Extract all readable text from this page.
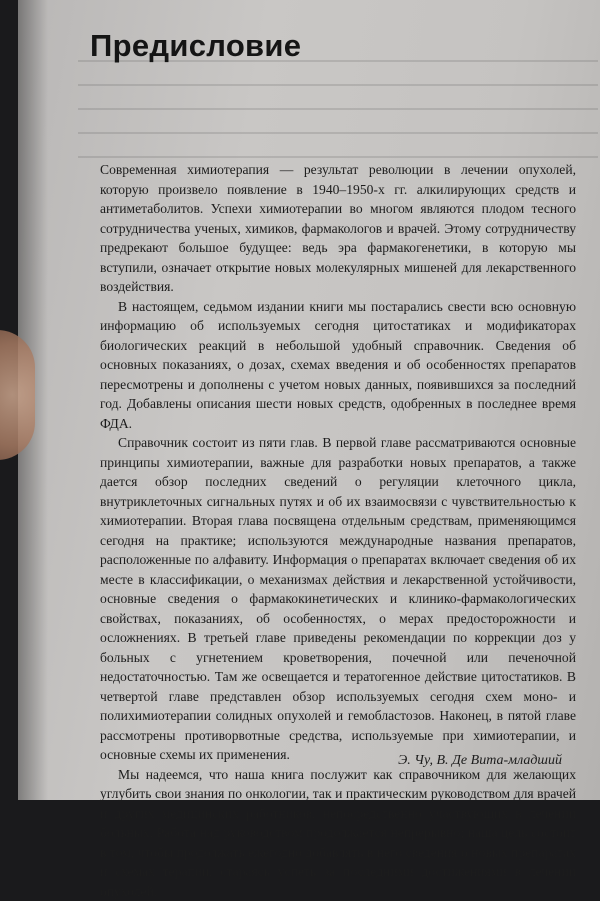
Предисловие

Современная химиотерапия — результат революции в лечении опухолей, которую произвело появление в 1940–1950-х гг. алкилирующих средств и антиметаболитов. Успехи химиотерапии во многом являются плодом тесного сотрудничества ученых, химиков, фармакологов и врачей. Этому сотрудничеству предрекают большое будущее: ведь эра фармакогенетики, в которую мы вступили, означает открытие новых молекулярных мишеней для лекарственного воздействия.

В настоящем, седьмом издании книги мы постарались свести всю основную информацию об используемых сегодня цитостатиках и модификаторах биологических реакций в небольшой удобный справочник. Сведения об основных показаниях, о дозах, схемах введения и об особенностях препаратов пересмотрены и дополнены с учетом новых данных, появившихся за последний год. Добавлены описания шести новых средств, одобренных в последнее время ФДА.

Справочник состоит из пяти глав. В первой главе рассматриваются основные принципы химиотерапии, важные для разработки новых препаратов, а также дается обзор последних сведений о регуляции клеточного цикла, внутриклеточных сигнальных путях и об их взаимосвязи с чувствительностью к химиотерапии. Вторая глава посвящена отдельным средствам, применяющимся сегодня на практике; используются международные названия препаратов, расположенные по алфавиту. Информация о препаратах включает сведения об их месте в классификации, о механизмах действия и лекарственной устойчивости, основные сведения о фармакокинетических и клинико-фармакологических свойствах, показаниях, об особенностях, о мерах предосторожности и осложнениях. В третьей главе приведены рекомендации по коррекции доз у больных с угнетением кроветворения, почечной или печеночной недостаточностью. Там же освещается и тератогенное действие цитостатиков. В четвертой главе представлен обзор используемых сегодня схем моно- и полихимиотерапии солидных опухолей и гемобластозов. Наконец, в пятой главе рассмотрены противорвотные средства, используемые при химиотерапии, и основные схемы их применения.

Мы надеемся, что наша книга послужит как справочником для желающих углубить свои знания по онкологии, так и практическим руководством для врачей и других медицинских работников, непосредственно участвующих в лечении больных. Работа над руководством продолжается непрерывно; наша цель состоит в том, чтобы продолжать ежегодно добавлять в него сведения о новых препаратах и схемах терапии, стараясь успеть за последними достижениями в лечении опухолей.

Э. Чу, В. Де Вита-младший
